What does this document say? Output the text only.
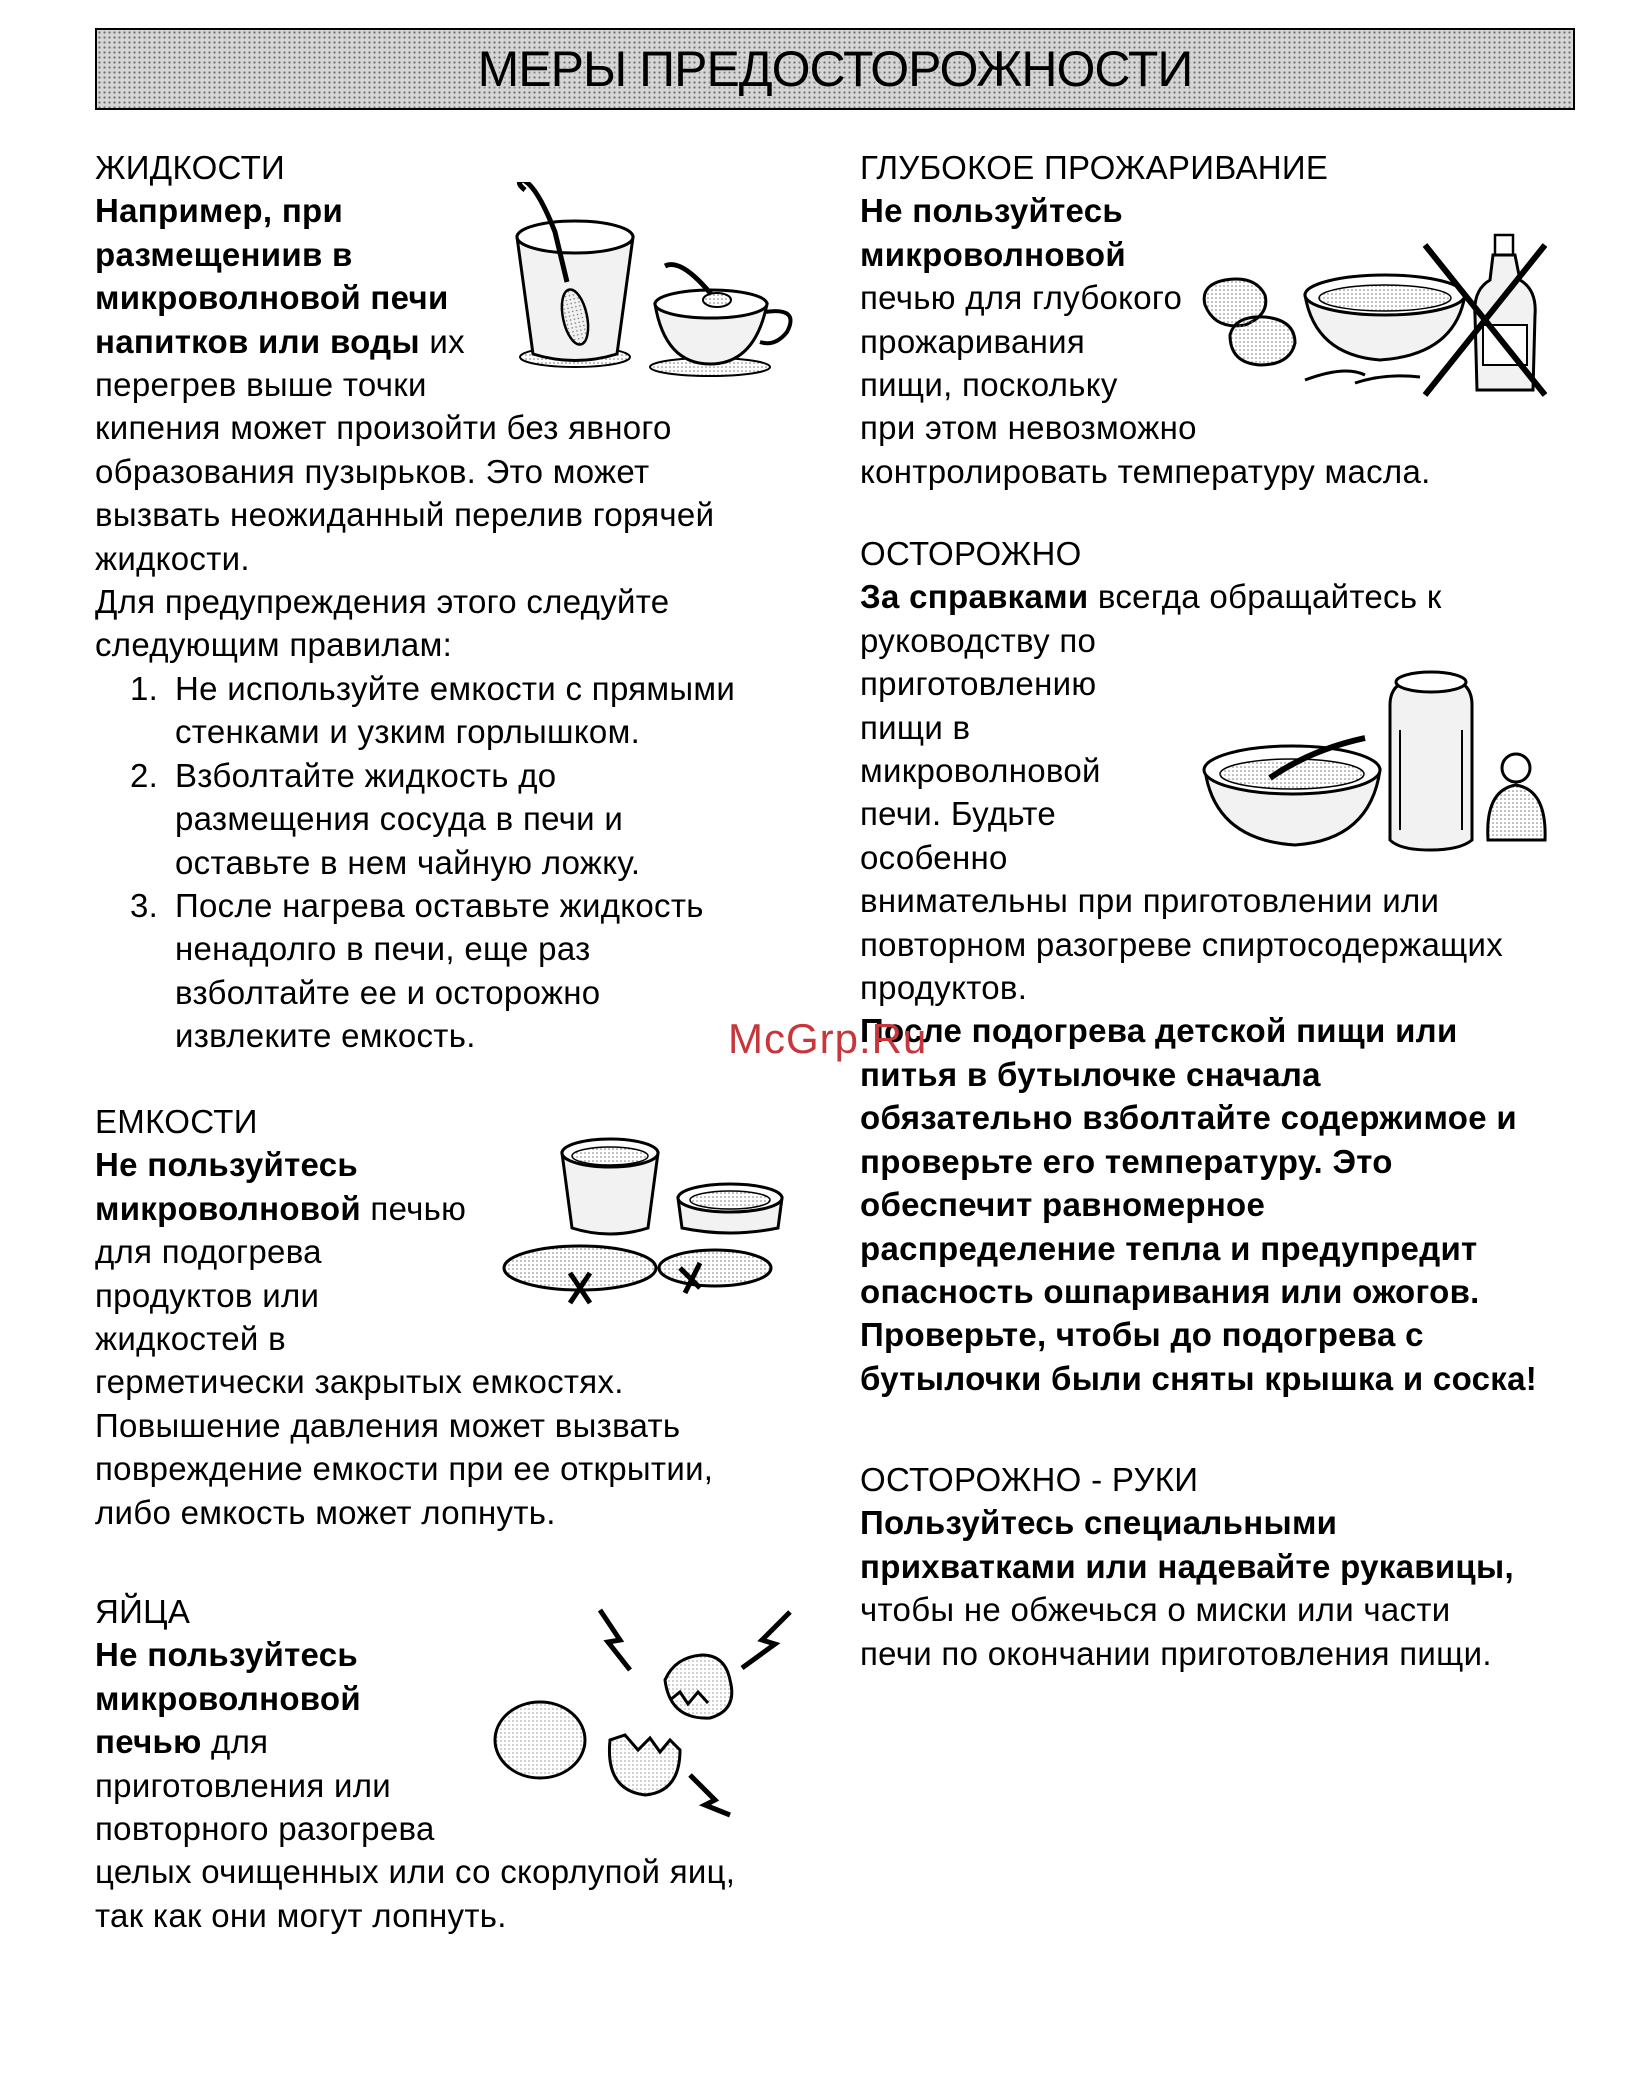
МЕРЫ ПРЕДОСТОРОЖНОСТИ

ЖИДКОСТИ

Например, при

размещениив в

микроволновой печи

напитков или воды их

перегрев выше точки

кипения может произойти без явного

образования пузырьков. Это может

вызвать неожиданный перелив горячей

жидкости.

Для предупреждения этого следуйте

следующим правилам:

1. Не используйте емкости с прямыми

стенками и узким горлышком.

2. Взболтайте жидкость до

размещения сосуда в печи и

оставьте в нем чайную ложку.

3. После нагрева оставьте жидкость

ненадолго в печи, еще раз

взболтайте ее и осторожно

извлеките емкость.

ЕМКОСТИ

Не пользуйтесь

микроволновой печью

для подогрева

продуктов или

жидкостей в

герметически закрытых емкостях.

Повышение давления может вызвать

повреждение емкости при ее открытии,

либо емкость может лопнуть.

ЯЙЦА

Не пользуйтесь

микроволновой

печью для

приготовления или

повторного разогрева

целых очищенных или со скорлупой яиц,

так как они могут лопнуть.

ГЛУБОКОЕ ПРОЖАРИВАНИЕ

Не пользуйтесь

микроволновой

печью для глубокого

прожаривания

пищи, поскольку

при этом невозможно

контролировать температуру масла.

ОСТОРОЖНО

За справками всегда обращайтесь к

руководству по

приготовлению

пищи в

микроволновой

печи. Будьте

особенно

внимательны при приготовлении или

повторном разогреве спиртосодержащих

продуктов.

После подогрева детской пищи или

питья в бутылочке сначала

обязательно взболтайте содержимое и

проверьте его температуру. Это

обеспечит равномерное

распределение тепла и предупредит

опасность ошпаривания или ожогов.

Проверьте, чтобы до подогрева с

бутылочки были сняты крышка и соска!

ОСТОРОЖНО - РУКИ

Пользуйтесь специальными

прихватками или надевайте рукавицы,

чтобы не обжечься о миски или части

печи по окончании приготовления пищи.

McGrp.Ru
